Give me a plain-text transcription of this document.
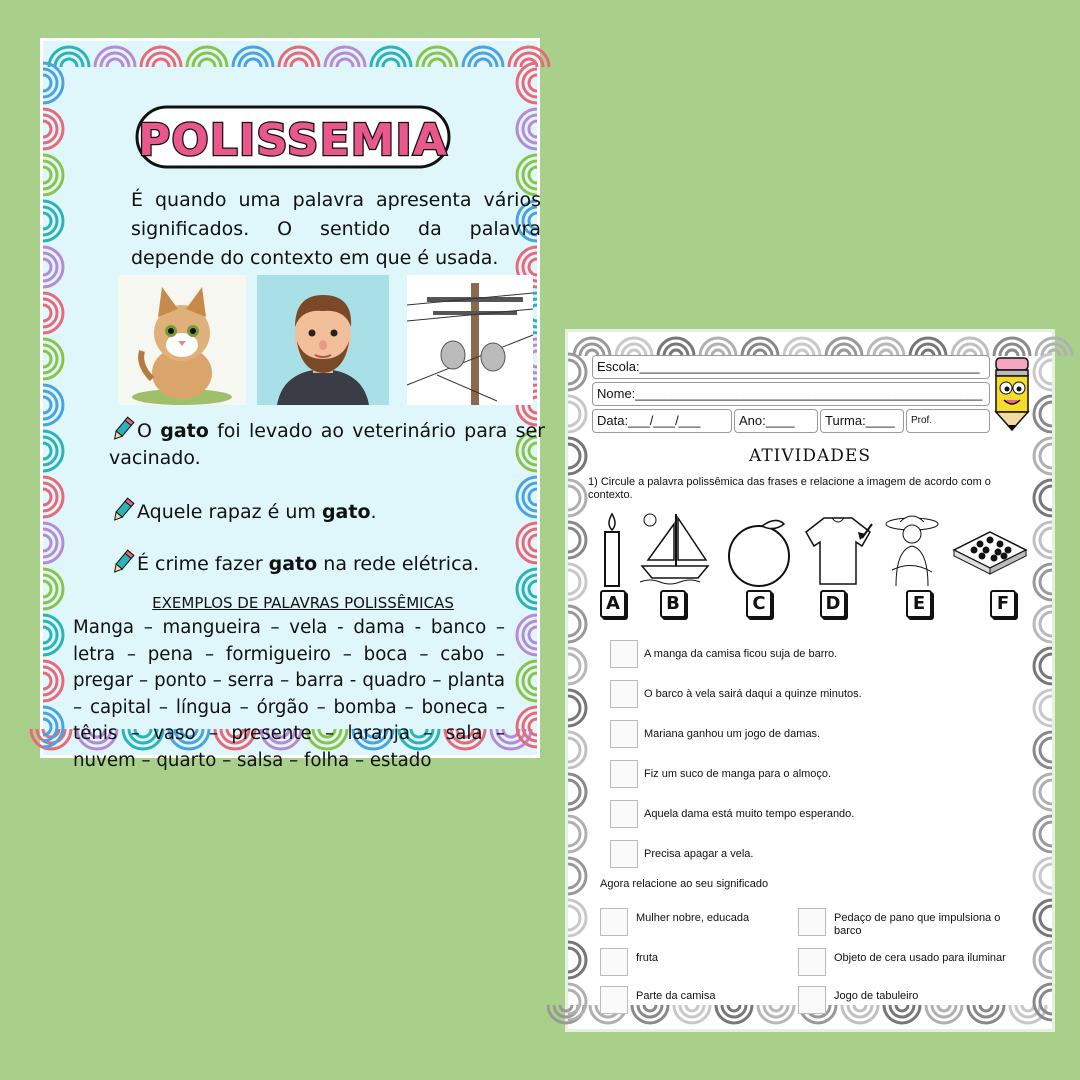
POLISSEMIA
É quando uma palavra apresenta vários significados. O sentido da palavra depende do contexto em que é usada.
O gato foi levado ao veterinário para ser vacinado.
Aquele rapaz é um gato.
É crime fazer gato na rede elétrica.
EXEMPLOS DE PALAVRAS POLISSÊMICAS
Manga – mangueira – vela - dama - banco – letra – pena – formigueiro – boca – cabo – pregar – ponto – serra – barra - quadro – planta – capital – língua – órgão – bomba – boneca – tênis – vaso – presente – laranja – sala – nuvem – quarto – salsa – folha – estado
Escola:_______________________________________________
Nome:________________________________________________
Data:___/___/___	Ano:____	Turma:____	Prof.
ATIVIDADES
1) Circule a palavra polissêmica das frases e relacione a imagem de acordo com o contexto.
A	B	C	D	E	F
A manga da camisa ficou suja de barro.
O barco à vela sairá daqui a quinze minutos.
Mariana ganhou um jogo de damas.
Fiz um suco de manga para o almoço.
Aquela dama está muito tempo esperando.
Precisa apagar a vela.
Agora relacione ao seu significado
Mulher nobre, educada	Pedaço de pano que impulsiona o barco
fruta	Objeto de cera usado para iluminar
Parte da camisa	Jogo de tabuleiro
